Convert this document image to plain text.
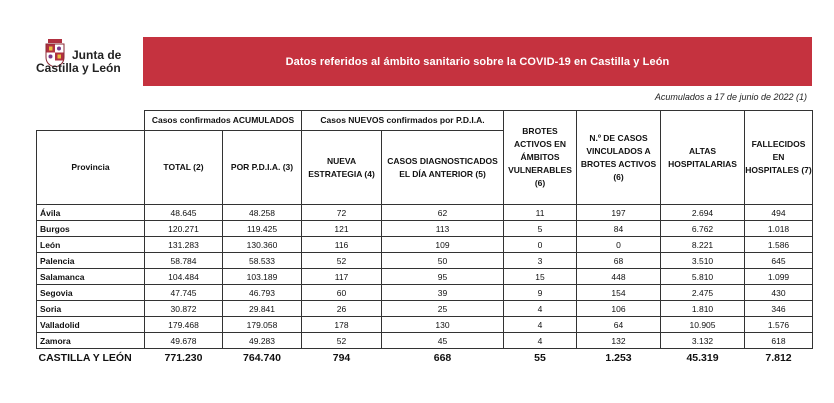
Junta de
Castilla y León	Datos referidos al ámbito sanitario sobre la COVID-19 en Castilla y León
Acumulados a 17 de junio de 2022 (1)
	Casos confirmados ACUMULADOS		Casos NUEVOS confirmados por P.D.I.A.		BROTES ACTIVOS EN ÁMBITOS VULNERABLES (6)	N.º DE CASOS VINCULADOS A BROTES ACTIVOS (6)	ALTAS HOSPITALARIAS	FALLECIDOS EN HOSPITALES (7)
Provincia	TOTAL (2)	POR P.D.I.A. (3)	NUEVA ESTRATEGIA (4)	CASOS DIAGNOSTICADOS EL DÍA ANTERIOR (5)				
Ávila	48.645	48.258	72	62	11	197	2.694	494
Burgos	120.271	119.425	121	113	5	84	6.762	1.018
León	131.283	130.360	116	109	0	0	8.221	1.586
Palencia	58.784	58.533	52	50	3	68	3.510	645
Salamanca	104.484	103.189	117	95	15	448	5.810	1.099
Segovia	47.745	46.793	60	39	9	154	2.475	430
Soria	30.872	29.841	26	25	4	106	1.810	346
Valladolid	179.468	179.058	178	130	4	64	10.905	1.576
Zamora	49.678	49.283	52	45	4	132	3.132	618
CASTILLA Y LEÓN	771.230	764.740	794	668	55	1.253	45.319	7.812
